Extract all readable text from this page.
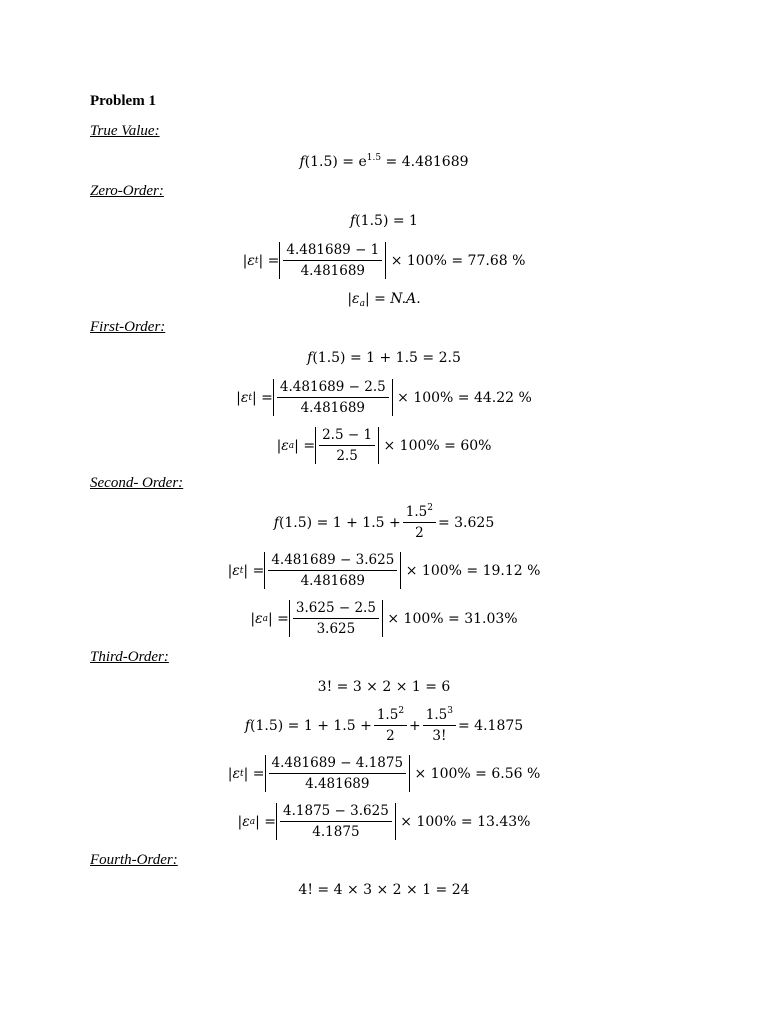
Problem 1
True Value:
$f(1.5) = e^{1.5} = 4.481689$
Zero-Order:
f(1.5) = 1
| ε t | = $\frac{4.481689 - 1}{4.481689}$
× 100% = 77.68 %
$|\varepsilon_a| = N.A$.
First-Order:
f(1.5) = 1 + 1.5 = 2.5
| ε t | = $\frac{4.481689 - 2.5}{4.481689}$
× 100% = 44.22 %
| ε a | = $\frac{2.5 - 1}{2.5}$
× 100% = 60%
Second- Order:
f $(1.5) = 1 + 1.5 + \frac{1.5^2}{2} = 3.625$
| ε t | = $\frac{4.481689 - 3.625}{4.481689}$
× 100% = 19.12 %
| ε a | = $\frac{3.625 - 2.5}{3.625}$
× 100% = 31.03%
Third-Order:
3! = 3 × 2 × 1 = 6
f $(1.5) = 1 + 1.5 + \frac{1.5^2}{2} + \frac{1.5^3}{3!} = 4.1875$
| ε t | = $\frac{4.481689 - 4.1875}{4.481689}$
× 100% = 6.56 %
| ε a | = $\frac{4.1875 - 3.625}{4.1875}$
× 100% = 13.43%
Fourth-Order:
4! = 4 × 3 × 2 × 1 = 24
